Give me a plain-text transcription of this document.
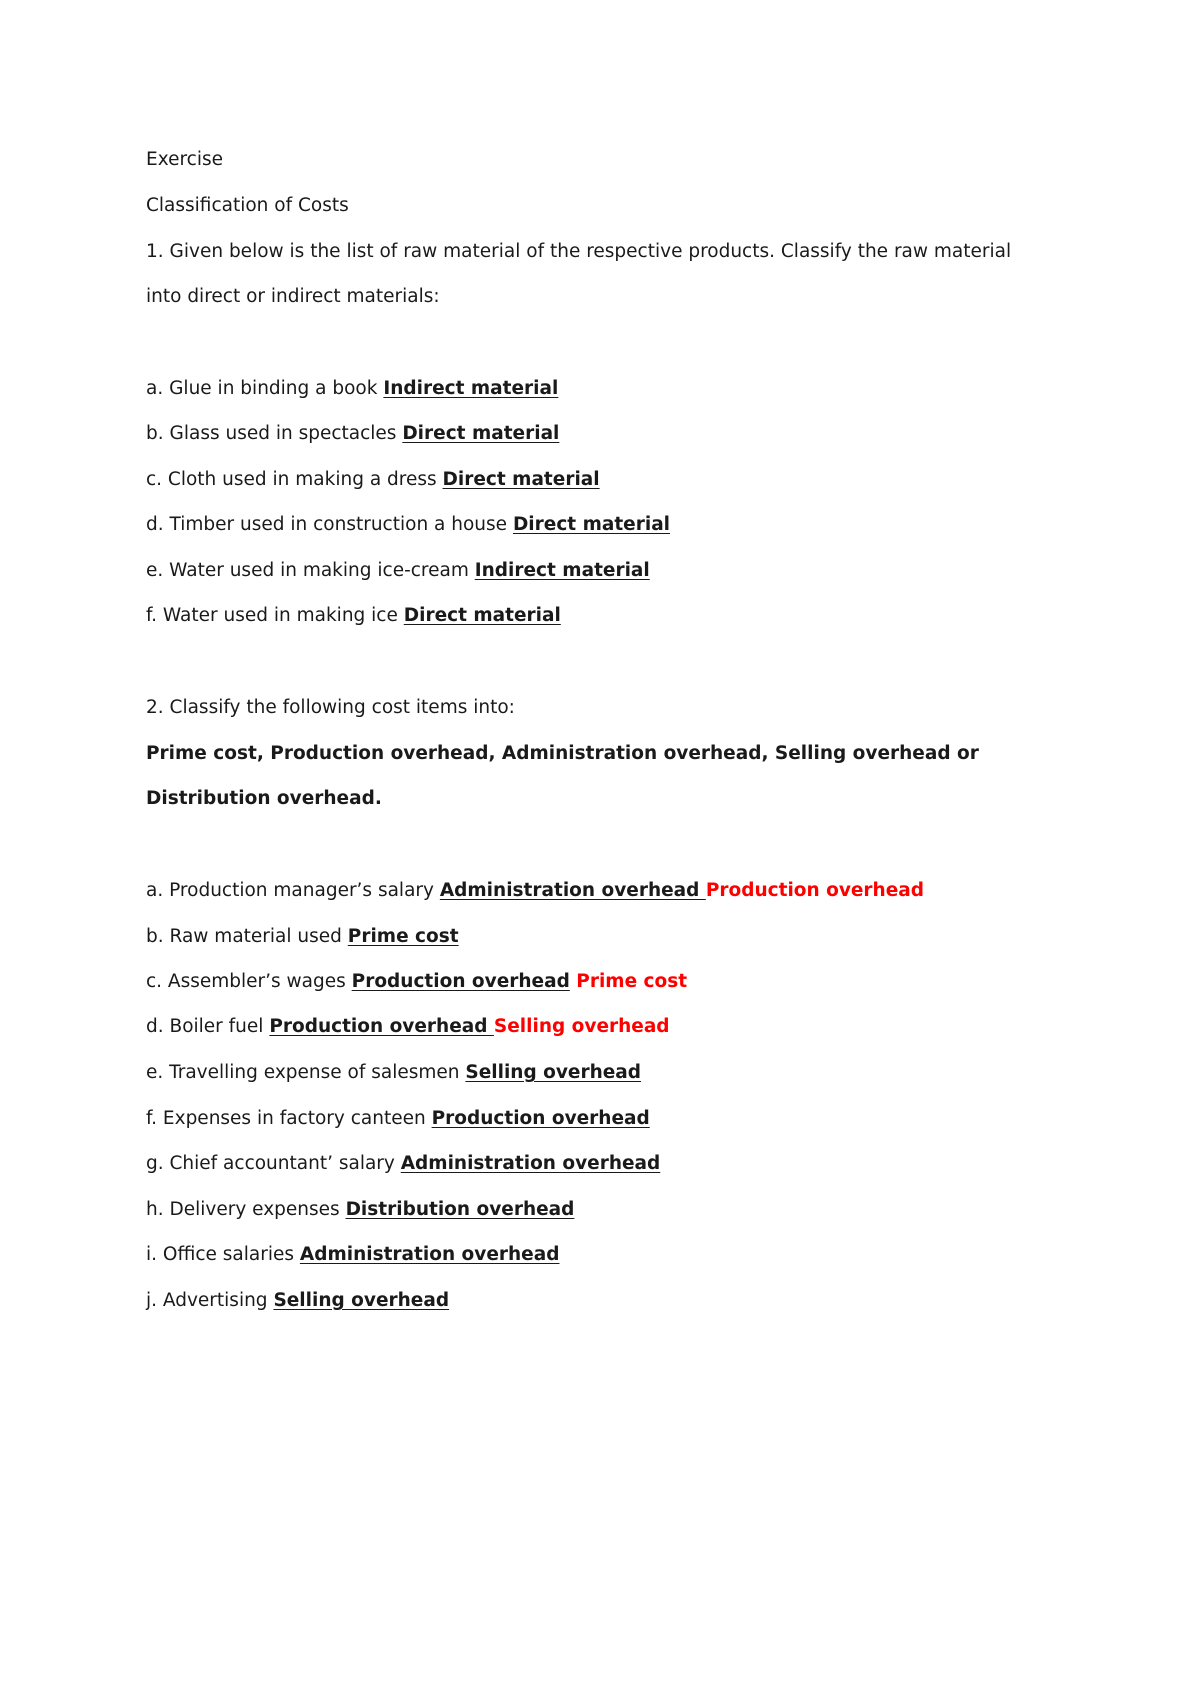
Exercise
Classification of Costs
1. Given below is the list of raw material of the respective products. Classify the raw material
into direct or indirect materials:
a. Glue in binding a book Indirect material
b. Glass used in spectacles Direct material
c. Cloth used in making a dress Direct material
d. Timber used in construction a house Direct material
e. Water used in making ice-cream Indirect material
f. Water used in making ice Direct material
2. Classify the following cost items into:
Prime cost, Production overhead, Administration overhead, Selling overhead or
Distribution overhead.
a. Production manager’s salary Administration overhead Production overhead
b. Raw material used Prime cost
c. Assembler’s wages Production overhead Prime cost
d. Boiler fuel Production overhead Selling overhead
e. Travelling expense of salesmen Selling overhead
f. Expenses in factory canteen Production overhead
g. Chief accountant’ salary Administration overhead
h. Delivery expenses Distribution overhead
i. Office salaries Administration overhead
j. Advertising Selling overhead
